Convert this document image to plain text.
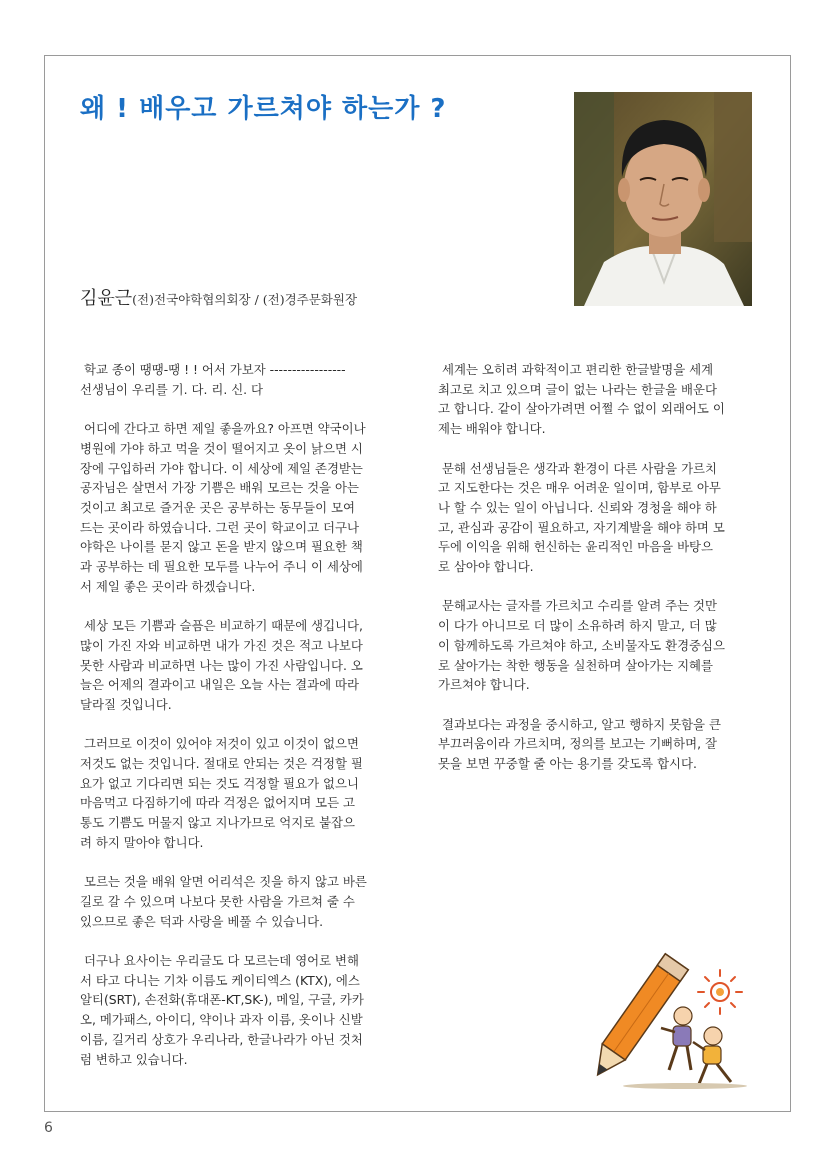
왜 ! 배우고 가르쳐야 하는가 ?
김윤근(전)전국야학협의회장 / (전)경주문화원장

학교 종이 땡땡-땡 ! ! 어서 가보자 -----------------
선생님이 우리를 기. 다. 리. 신. 다

어디에 간다고 하면 제일 좋을까요? 아프면 약국이나
병원에 가야 하고 먹을 것이 떨어지고 옷이 낡으면 시
장에 구입하러 가야 합니다. 이 세상에 제일 존경받는
공자님은 살면서 가장 기쁨은 배워 모르는 것을 아는
것이고 최고로 즐거운 곳은 공부하는 동무들이 모여
드는 곳이라 하였습니다. 그런 곳이 학교이고 더구나
야학은 나이를 묻지 않고 돈을 받지 않으며 필요한 책
과 공부하는 데 필요한 모두를 나누어 주니 이 세상에
서 제일 좋은 곳이라 하겠습니다.

세상 모든 기쁨과 슬픔은 비교하기 때문에 생깁니다,
많이 가진 자와 비교하면 내가 가진 것은 적고 나보다
못한 사람과 비교하면 나는 많이 가진 사람입니다. 오
늘은 어제의 결과이고 내일은 오늘 사는 결과에 따라
달라질 것입니다.

그러므로 이것이 있어야 저것이 있고 이것이 없으면
저것도 없는 것입니다. 절대로 안되는 것은 걱정할 필
요가 없고 기다리면 되는 것도 걱정할 필요가 없으니
마음먹고 다짐하기에 따라 걱정은 없어지며 모든 고
통도 기쁨도 머물지 않고 지나가므로 억지로 붙잡으
려 하지 말아야 합니다.

모르는 것을 배워 알면 어리석은 짓을 하지 않고 바른
길로 갈 수 있으며 나보다 못한 사람을 가르쳐 줄 수
있으므로 좋은 덕과 사랑을 베풀 수 있습니다.

더구나 요사이는 우리글도 다 모르는데 영어로 변해
서 타고 다니는 기차 이름도 케이티엑스 (KTX), 에스
알티(SRT), 손전화(휴대폰-KT,SK-), 메일, 구글, 카카
오, 메가패스, 아이디, 약이나 과자 이름, 옷이나 신발
이름, 길거리 상호가 우리나라, 한글나라가 아닌 것처
럼 변하고 있습니다.

세계는 오히려 과학적이고 편리한 한글발명을 세계
최고로 치고 있으며 글이 없는 나라는 한글을 배운다
고 합니다. 같이 살아가려면 어쩔 수 없이 외래어도 이
제는 배워야 합니다.

문해 선생님들은 생각과 환경이 다른 사람을 가르치
고 지도한다는 것은 매우 어려운 일이며, 함부로 아무
나 할 수 있는 일이 아닙니다. 신뢰와 경청을 해야 하
고, 관심과 공감이 필요하고, 자기계발을 해야 하며 모
두에 이익을 위해 헌신하는 윤리적인 마음을 바탕으
로 삼아야 합니다.

문해교사는 글자를 가르치고 수리를 알려 주는 것만
이 다가 아니므로 더 많이 소유하려 하지 말고, 더 많
이 함께하도록 가르쳐야 하고, 소비물자도 환경중심으
로 살아가는 착한 행동을 실천하며 살아가는 지혜를
가르쳐야 합니다.

결과보다는 과정을 중시하고, 알고 행하지 못함을 큰
부끄러움이라 가르치며, 정의를 보고는 기뻐하며, 잘
못을 보면 꾸중할 줄 아는 용기를 갖도록 합시다.

6
